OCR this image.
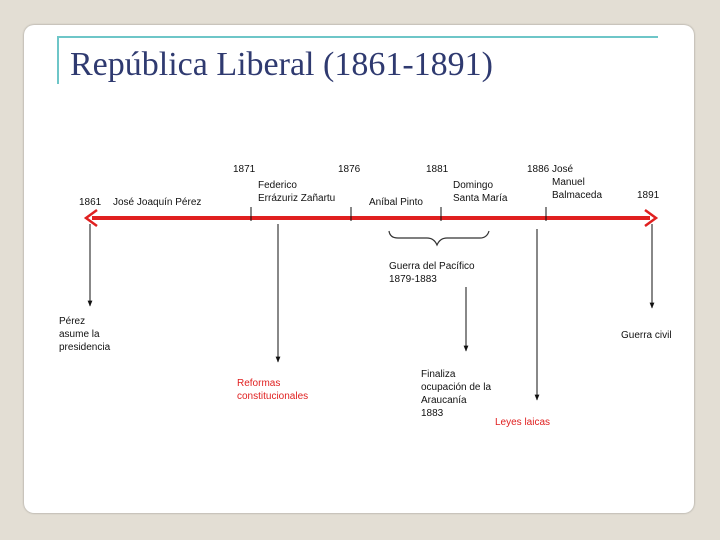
República Liberal (1861-1891)
1861
1871	1876	1881	1886
1891
José Joaquín Pérez
Federico
Errázuriz Zañartu	Aníbal Pinto
Domingo
Santa María
José
Manuel
Balmaceda
Guerra del Pacífico
1879-1883
Pérez
asume la
presidencia
Reformas
constitucionales
Finaliza
ocupación de la
Araucanía
1883
Leyes laicas
Guerra civil
